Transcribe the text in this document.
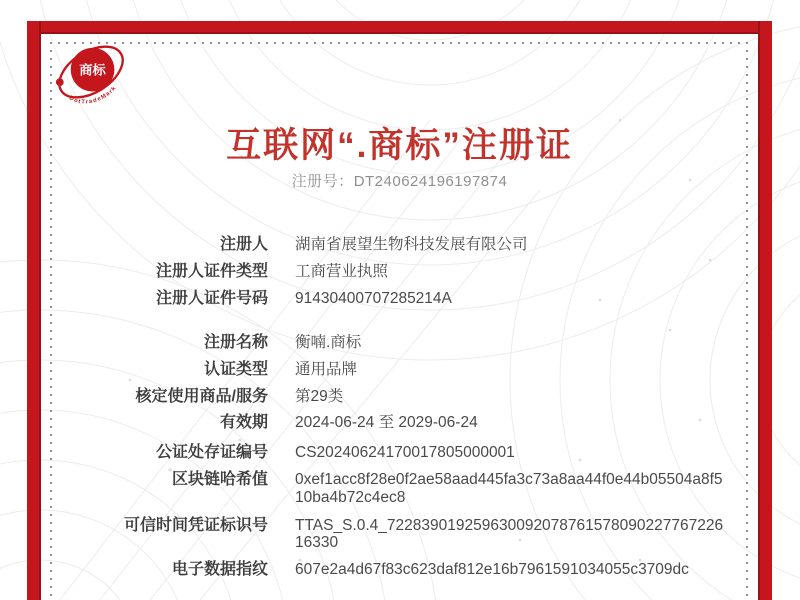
商标
DotTradeMark
互联网“.商标”注册证
注册号：DT240624196197874
注册人 湖南省展望生物科技发展有限公司
注册人证件类型 工商营业执照
注册人证件号码 91430400707285214A
注册名称 衡喃.商标
认证类型 通用品牌
核定使用商品/服务 第29类
有效期 2024-06-24 至 2029-06-24
公证处存证编号 CS20240624170017805000001
区块链哈希值 0xef1acc8f28e0f2ae58aad445fa3c73a8aa44f0e44b05504a8f510ba4b72c4ec8
可信时间凭证标识号 TTAS_S.0.4_72283901925963009207876157809022776722616330
电子数据指纹 607e2a4d67f83c623daf812e16b7961591034055c3709dc
